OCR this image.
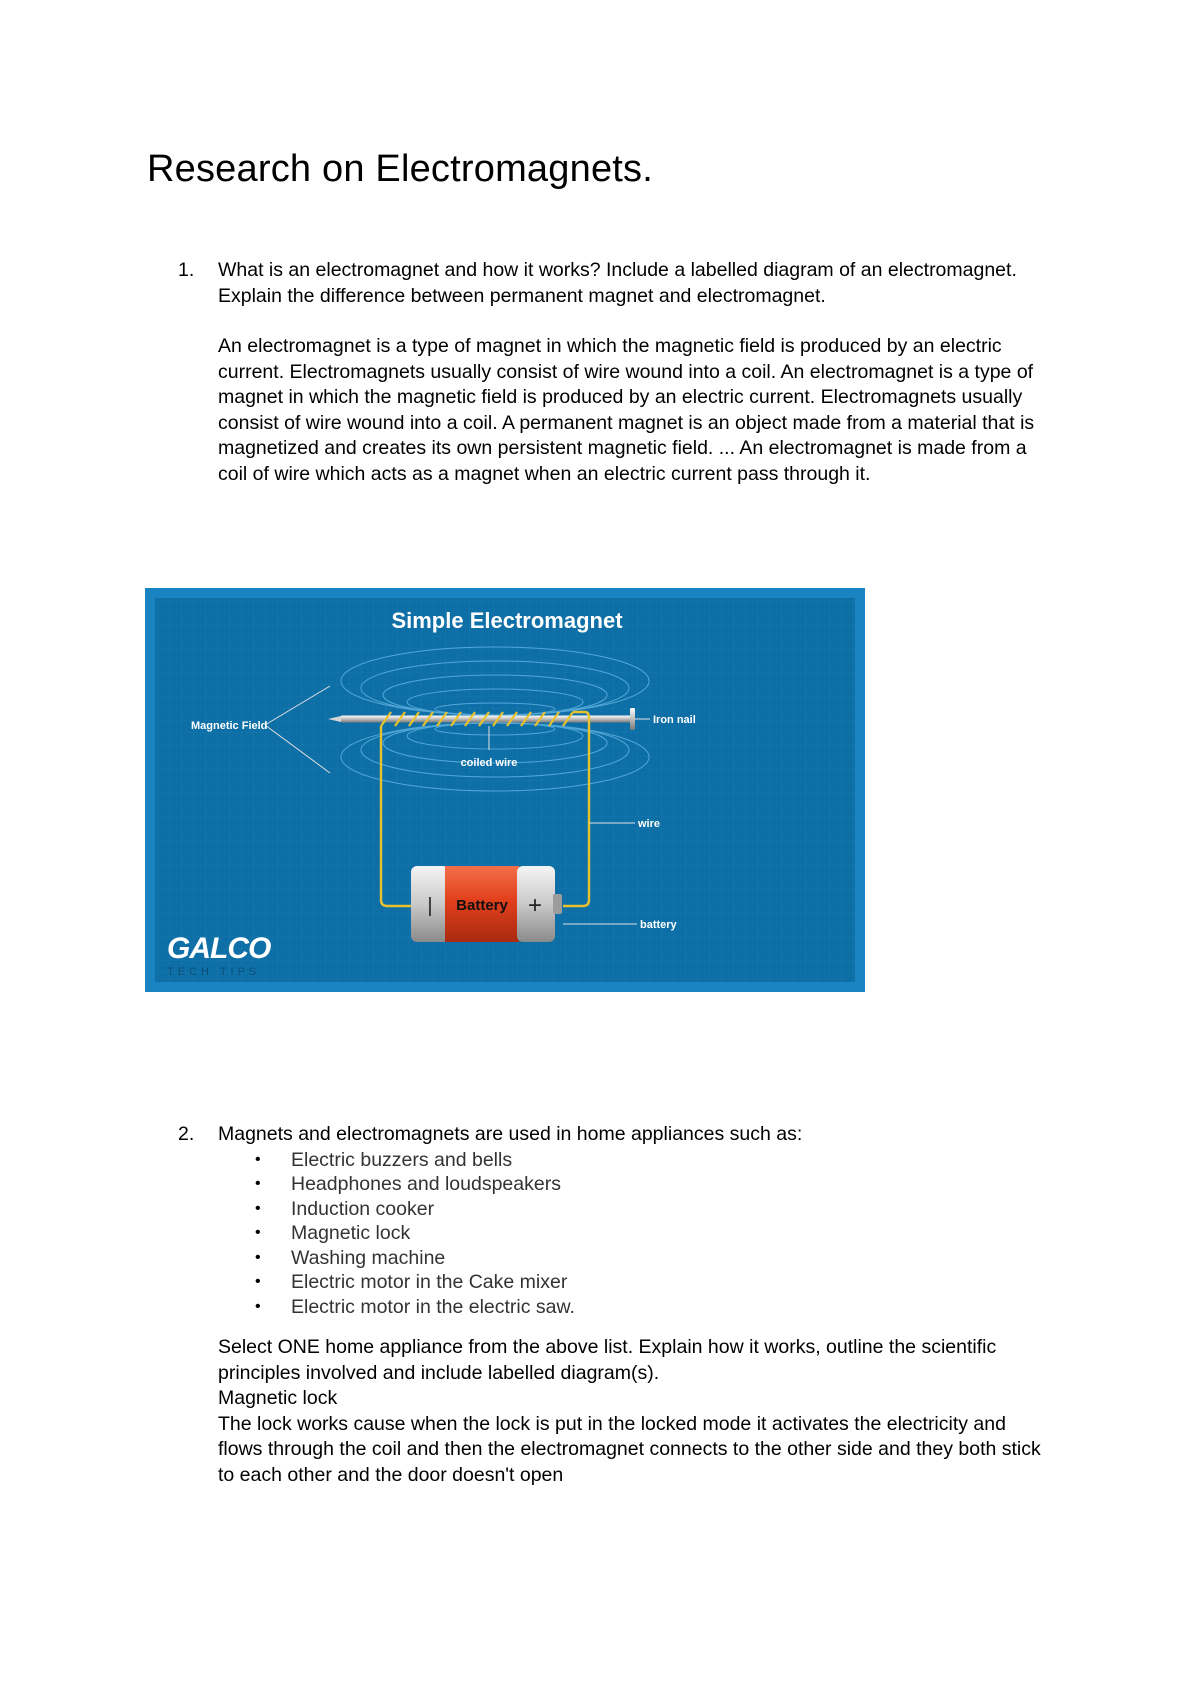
Research on Electromagnets.
1.	What is an electromagnet and how it works? Include a labelled diagram of an electromagnet. Explain the difference between permanent magnet and electromagnet.
An electromagnet is a type of magnet in which the magnetic field is produced by an electric current. Electromagnets usually consist of wire wound into a coil. An electromagnet is a type of magnet in which the magnetic field is produced by an electric current. Electromagnets usually consist of wire wound into a coil. A permanent magnet is an object made from a material that is magnetized and creates its own persistent magnetic field. ... An electromagnet is made from a coil of wire which acts as a magnet when an electric current pass through it.
Simple Electromagnet
Magnetic Field	Iron nail
coiled wire
wire
| Battery +
battery
GALCO
TECH TIPS
2.	Magnets and electromagnets are used in home appliances such as:
• Electric buzzers and bells
• Headphones and loudspeakers
• Induction cooker
• Magnetic lock
• Washing machine
• Electric motor in the Cake mixer
• Electric motor in the electric saw.
Select ONE home appliance from the above list. Explain how it works, outline the scientific principles involved and include labelled diagram(s).
Magnetic lock
The lock works cause when the lock is put in the locked mode it activates the electricity and flows through the coil and then the electromagnet connects to the other side and they both stick to each other and the door doesn't open
